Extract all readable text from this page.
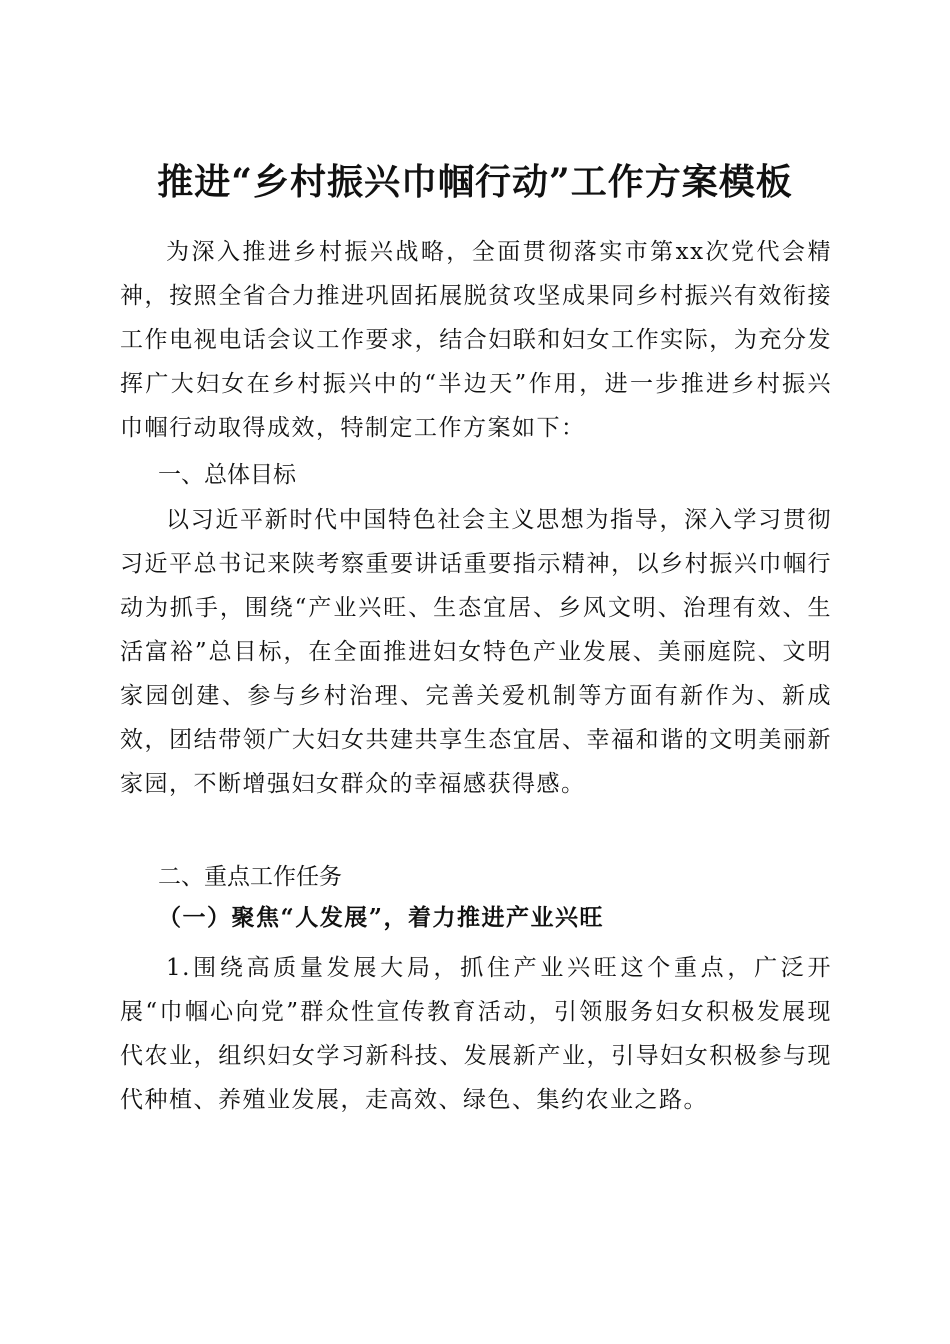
推进“乡村振兴巾帼行动”工作方案模板

为深入推进乡村振兴战略，全面贯彻落实市第xx次党代会精神，按照全省合力推进巩固拓展脱贫攻坚成果同乡村振兴有效衔接工作电视电话会议工作要求，结合妇联和妇女工作实际，为充分发挥广大妇女在乡村振兴中的“半边天”作用，进一步推进乡村振兴巾帼行动取得成效，特制定工作方案如下：

一、总体目标

以习近平新时代中国特色社会主义思想为指导，深入学习贯彻习近平总书记来陕考察重要讲话重要指示精神，以乡村振兴巾帼行动为抓手，围绕“产业兴旺、生态宜居、乡风文明、治理有效、生活富裕”总目标，在全面推进妇女特色产业发展、美丽庭院、文明家园创建、参与乡村治理、完善关爱机制等方面有新作为、新成效，团结带领广大妇女共建共享生态宜居、幸福和谐的文明美丽新家园，不断增强妇女群众的幸福感获得感。

二、重点工作任务
（一）聚焦“人发展”，着力推进产业兴旺

1.围绕高质量发展大局，抓住产业兴旺这个重点，广泛开展“巾帼心向党”群众性宣传教育活动，引领服务妇女积极发展现代农业，组织妇女学习新科技、发展新产业，引导妇女积极参与现代种植、养殖业发展，走高效、绿色、集约农业之路。
